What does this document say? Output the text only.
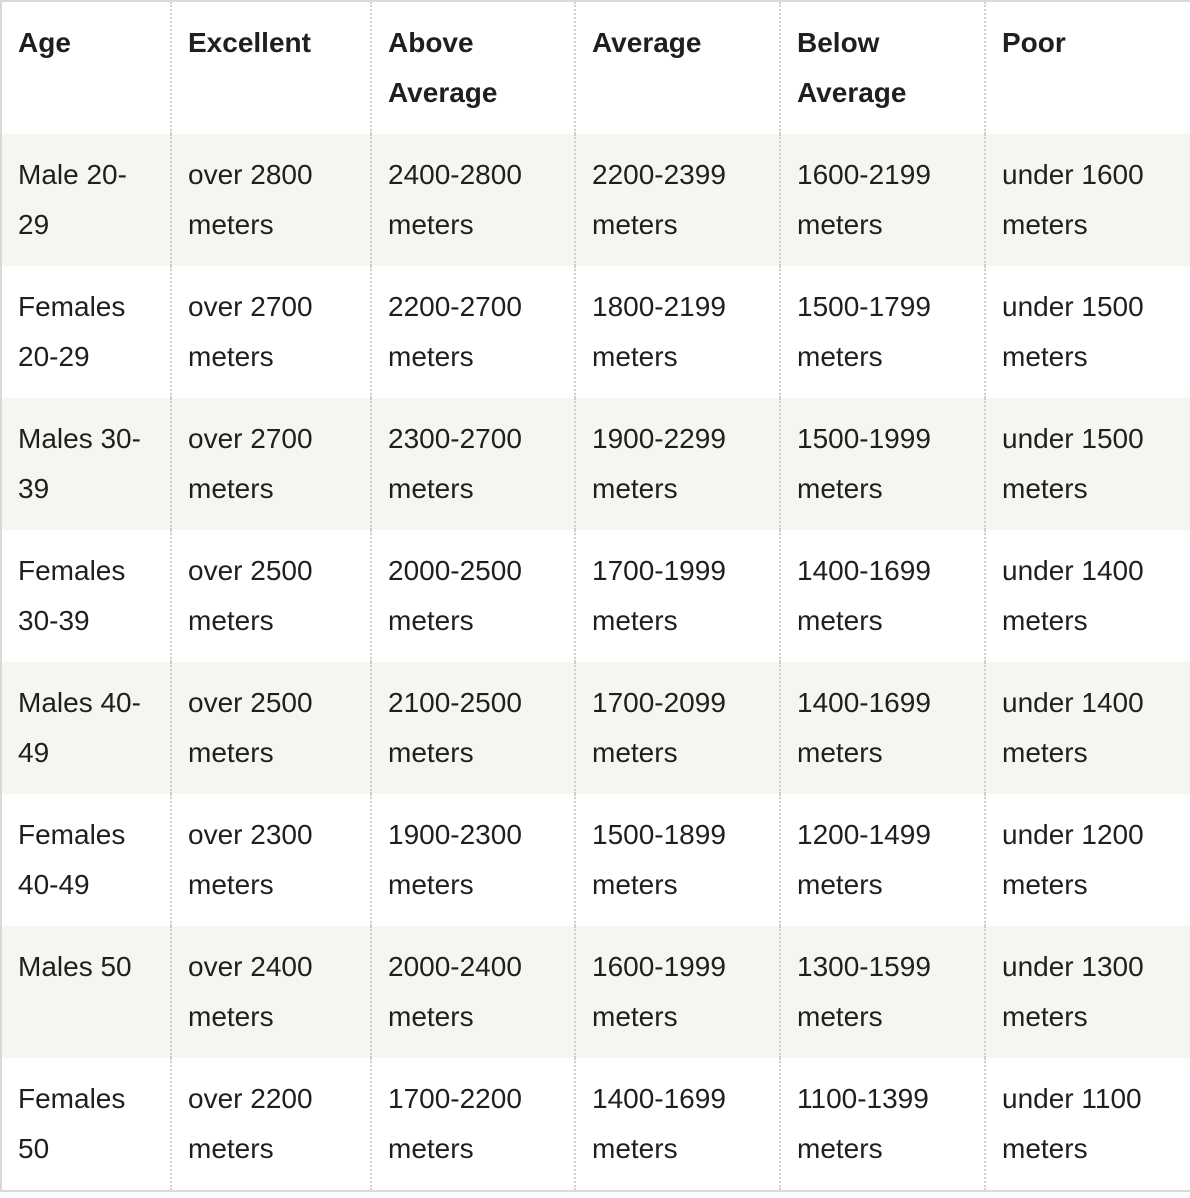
Age	Excellent	Above Average	Average	Below Average	Poor
Male 20-29	over 2800 meters	2400-2800 meters	2200-2399 meters	1600-2199 meters	under 1600 meters
Females 20-29	over 2700 meters	2200-2700 meters	1800-2199 meters	1500-1799 meters	under 1500 meters
Males 30-39	over 2700 meters	2300-2700 meters	1900-2299 meters	1500-1999 meters	under 1500 meters
Females 30-39	over 2500 meters	2000-2500 meters	1700-1999 meters	1400-1699 meters	under 1400 meters
Males 40-49	over 2500 meters	2100-2500 meters	1700-2099 meters	1400-1699 meters	under 1400 meters
Females 40-49	over 2300 meters	1900-2300 meters	1500-1899 meters	1200-1499 meters	under 1200 meters
Males 50	over 2400 meters	2000-2400 meters	1600-1999 meters	1300-1599 meters	under 1300 meters
Females 50	over 2200 meters	1700-2200 meters	1400-1699 meters	1100-1399 meters	under 1100 meters
